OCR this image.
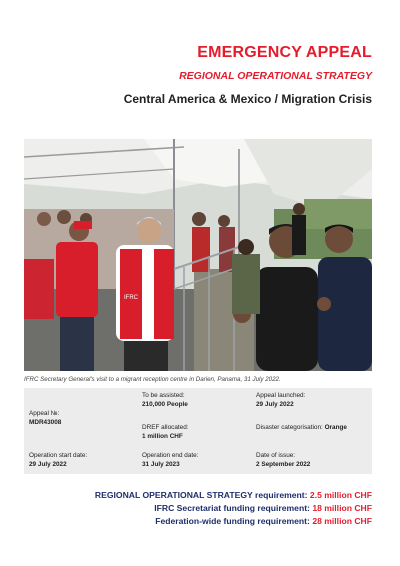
EMERGENCY APPEAL
REGIONAL OPERATIONAL STRATEGY
Central America & Mexico / Migration Crisis
IFRC
IFRC Secretary General's visit to a migrant reception centre in Darien, Panama, 31 July 2022.
Appeal №:
MDR43008
To be assisted:
210,000 People
Appeal launched:
29 July 2022
DREF allocated:
1 million CHF
Disaster categorisation: Orange
Operation start date:
29 July 2022
Operation end date:
31 July 2023
Date of issue:
2 September 2022
REGIONAL OPERATIONAL STRATEGY requirement: 2.5 million CHF
IFRC Secretariat funding requirement: 18 million CHF
Federation-wide funding requirement: 28 million CHF
